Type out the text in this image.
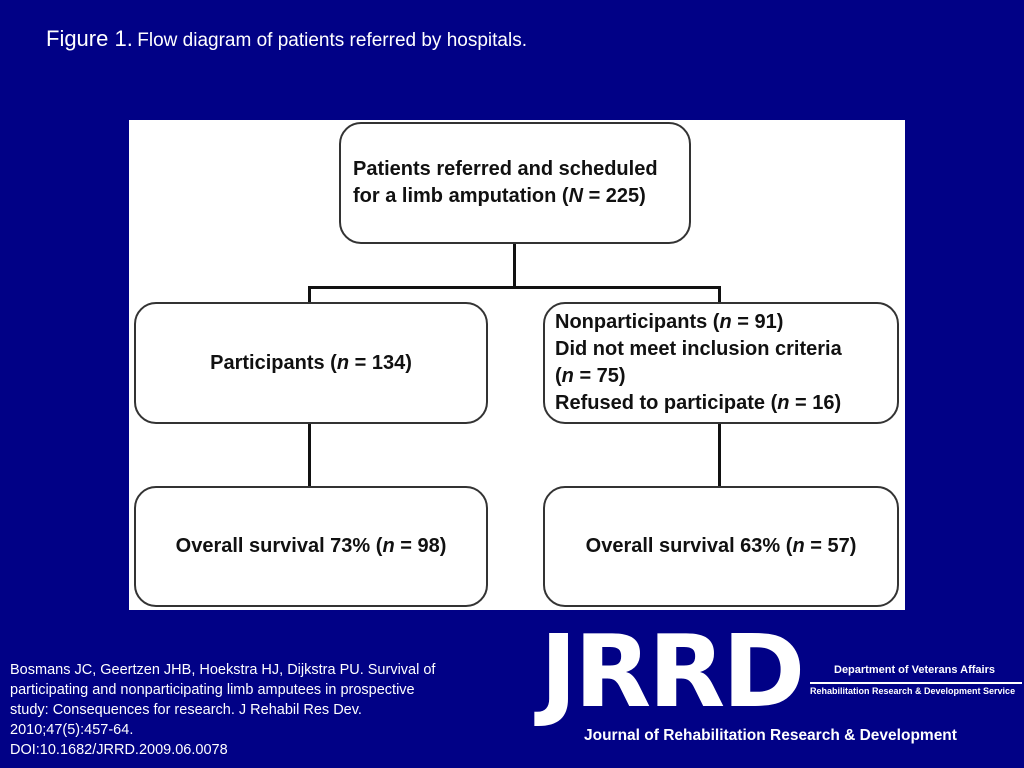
Figure 1. Flow diagram of patients referred by hospitals.
Patients referred and scheduled
for a limb amputation (N = 225)
Participants (n = 134)
Nonparticipants (n = 91)
Did not meet inclusion criteria
(n = 75)
Refused to participate (n = 16)
Overall survival 73% (n = 98)	Overall survival 63% (n = 57)
Bosmans JC, Geertzen JHB, Hoekstra HJ, Dijkstra PU. Survival of
participating and nonparticipating limb amputees in prospective
study: Consequences for research. J Rehabil Res Dev.
2010;47(5):457-64.
DOI:10.1682/JRRD.2009.06.0078
JRRD	Department of Veterans Affairs
Rehabilitation Research & Development Service
Journal of Rehabilitation Research & Development
